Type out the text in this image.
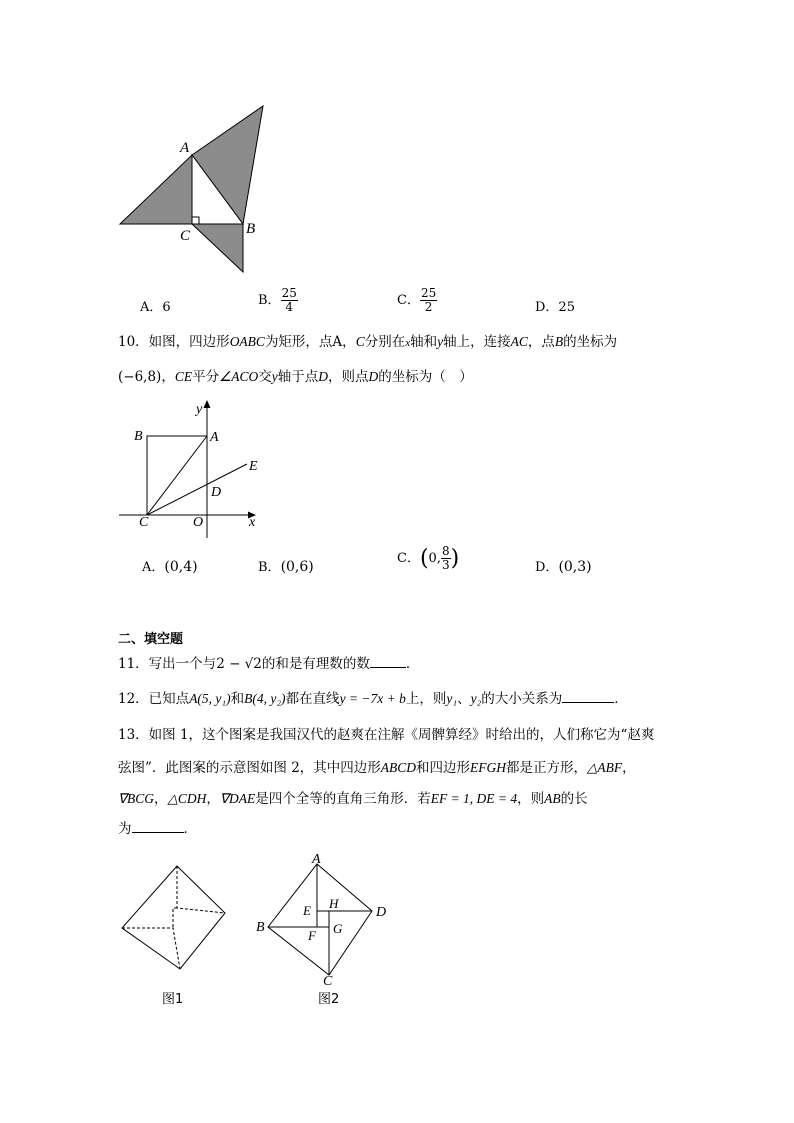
A
C	B
A．6	B． $\frac{25}{4}$	C． $\frac{25}{2}$	D．25
10．如图，四边形OABC为矩形，点A，C分别在x轴和y轴上，连接AC，点B的坐标为
(−6,8)，CE平分∠ACO交y轴于点D，则点D的坐标为（　）
y
x
B	A
E
D
C	O
A．(0,4)	B．(0,6)
C．(0, $\frac{8}{3}$ )	D．(0,3)
二、填空题
11．写出一个与2 − √2的和是有理数的数	．
12．已知点A(5, y₁)和B(4, y₂)都在直线y = −7x + b上，则y₁、y₂的大小关系为	．
13．如图 1，这个图案是我国汉代的赵爽在注解《周髀算经》时给出的，人们称它为“赵爽
弦图”．此图案的示意图如图 2，其中四边形ABCD和四边形EFGH都是正方形，△ABF，
∇BCG，△CDH，∇DAE是四个全等的直角三角形．若EF = 1, DE = 4，则AB的长
为	．
图1
A
B
C
D
E H
F G
图2
